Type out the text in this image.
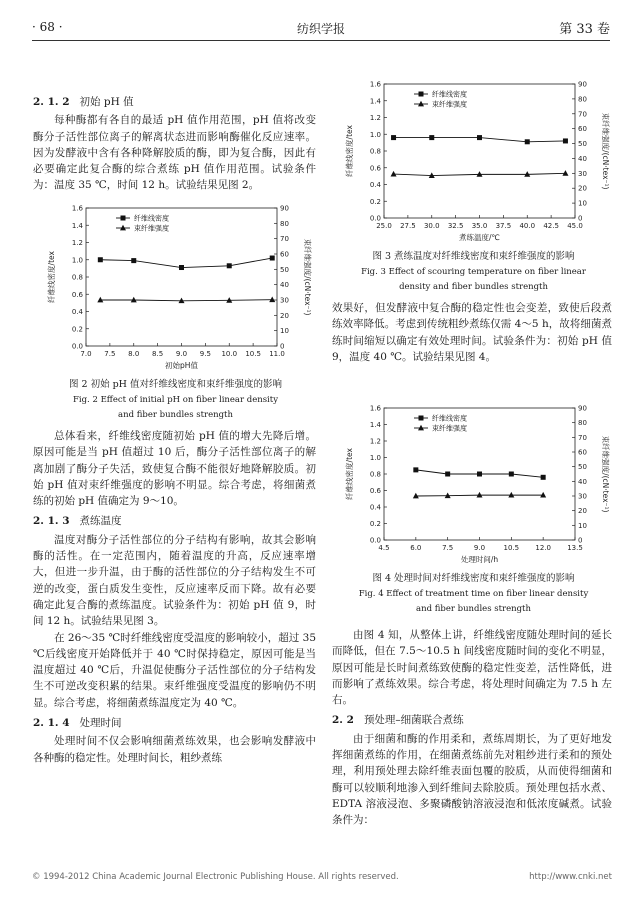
· 68 ·	纺织学报	第 33 卷
2. 1. 2 初始 pH 值

每种酶都有各自的最适 pH 值作用范围，pH 值将改变酶分子活性部位离子的解离状态进而影响酶催化反应速率。因为发酵液中含有各种降解胶质的酶，即为复合酶，因此有必要确定此复合酶的综合煮练 pH 值作用范围。试验条件为：温度 35 ℃，时间 12 h。试验结果见图 2。

7.0 7.5 8.0 8.5 9.0 9.5 10.0 10.5 11.0
0.0
0.2
0.4
0.6
0.8
1.0
1.2
1.4
1.6
0
10
20
30
40
50
60
70
80
90
初始pH值
纤维线密度/tex	束纤维强度/(cN·tex⁻¹)
纤维线密度
束纤维强度
图 2 初始 pH 值对纤维线密度和束纤维强度的影响
Fig. 2 Effect of initial pH on fiber linear density
and fiber bundles strength

总体看来，纤维线密度随初始 pH 值的增大先降后增。原因可能是当 pH 值超过 10 后，酶分子活性部位离子的解离加剧了酶分子失活，致使复合酶不能很好地降解胶质。初始 pH 值对束纤维强度的影响不明显。综合考虑，将细菌煮练的初始 pH 值确定为 9～10。

2. 1. 3 煮练温度

温度对酶分子活性部位的分子结构有影响，故其会影响酶的活性。在一定范围内，随着温度的升高，反应速率增大，但进一步升温，由于酶的活性部位的分子结构发生不可逆的改变，蛋白质发生变性，反应速率反而下降。故有必要确定此复合酶的煮练温度。试验条件为：初始 pH 值 9，时间 12 h。试验结果见图 3。

在 26～35 ℃时纤维线密度受温度的影响较小，超过 35 ℃后线密度开始降低并于 40 ℃时保持稳定，原因可能是当温度超过 40 ℃后，升温促使酶分子活性部位的分子结构发生不可逆改变积累的结果。束纤维强度受温度的影响仍不明显。综合考虑，将细菌煮练温度定为 40 ℃。

2. 1. 4 处理时间

处理时间不仅会影响细菌煮练效果，也会影响发酵液中各种酶的稳定性。处理时间长，粗纱煮练

25.0 27.5 30.0 32.5 35.0 37.5 40.0 42.5 45.0
0.0
0.2
0.4
0.6
0.8
1.0
1.2
1.4
1.6
0
10
20
30
40
50
60
70
80
90
煮练温度/℃
纤维线密度/tex	束纤维强度/(cN·tex⁻¹)
纤维线密度
束纤维强度
图 3 煮练温度对纤维线密度和束纤维强度的影响
Fig. 3 Effect of scouring temperature on fiber linear
density and fiber bundles strength

效果好，但发酵液中复合酶的稳定性也会变差，致使后段煮练效率降低。考虑到传统粗纱煮练仅需 4～5 h，故将细菌煮练时间缩短以确定有效处理时间。试验条件为：初始 pH 值 9，温度 40 ℃。试验结果见图 4。

4.5	6.0	7.5	9.0	10.5 12.0 13.5
0.0
0.2
0.4
0.6
0.8
1.0
1.2
1.4
1.6
0
10
20
30
40
50
60
70
80
90
处理时间/h
纤维线密度/tex	束纤维强度/(cN·tex⁻¹)
纤维线密度
束纤维强度
图 4 处理时间对纤维线密度和束纤维强度的影响
Fig. 4 Effect of treatment time on fiber linear density
and fiber bundles strength

由图 4 知，从整体上讲，纤维线密度随处理时间的延长而降低，但在 7.5～10.5 h 间线密度随时间的变化不明显，原因可能是长时间煮练致使酶的稳定性变差，活性降低，进而影响了煮练效果。综合考虑，将处理时间确定为 7.5 h 左右。

2. 2 预处理–细菌联合煮练

由于细菌和酶的作用柔和，煮练周期长，为了更好地发挥细菌煮练的作用，在细菌煮练前先对粗纱进行柔和的预处理，利用预处理去除纤维表面包覆的胶质，从而使得细菌和酶可以较顺利地渗入到纤维间去除胶质。预处理包括水煮、EDTA 溶液浸泡、多聚磷酸钠溶液浸泡和低浓度碱煮。试验条件为：

© 1994-2012 China Academic Journal Electronic Publishing House. All rights reserved.	http://www.cnki.net
